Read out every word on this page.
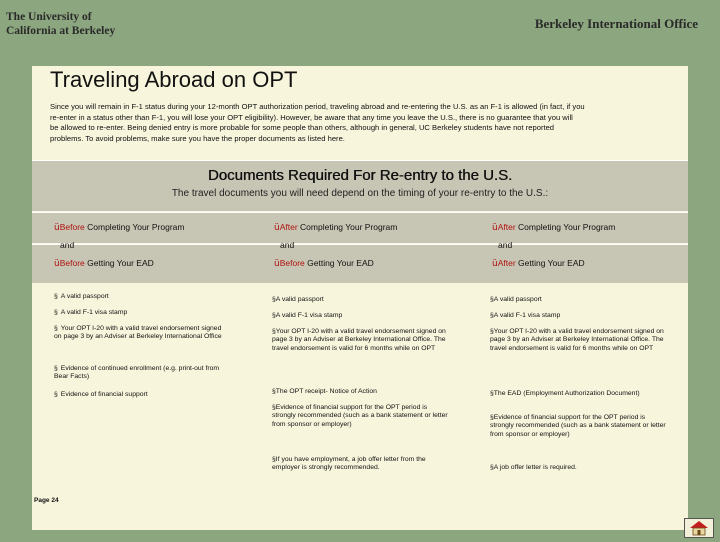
The University of
California at Berkeley	Berkeley International Office
Traveling Abroad on OPT
Since you will remain in F-1 status during your 12-month OPT authorization period, traveling abroad and re-entering the U.S. as an F-1 is allowed (in fact, if you
re-enter in a status other than F-1, you will lose your OPT eligibility). However, be aware that any time you leave the U.S., there is no guarantee that you will
be allowed to re-enter. Being denied entry is more probable for some people than others, although in general, UC Berkeley students have not reported
problems. To avoid problems, make sure you have the proper documents as listed here.
Documents Required For Re-entry to the U.S.
The travel documents you will need depend on the timing of your re-entry to the U.S.:
üBefore Completing Your Program
and
üBefore Getting Your EAD
üAfter Completing Your Program
and
üBefore Getting Your EAD
üAfter Completing Your Program
and
üAfter Getting Your EAD
§ A valid passport
§ A valid F-1 visa stamp
§ Your OPT I-20 with a valid travel endorsement signed on page 3 by an Adviser at Berkeley International Office
§ Evidence of continued enrollment (e.g. print-out from Bear Facts)
§ Evidence of financial support
§A valid passport
§A valid F-1 visa stamp
§Your OPT I-20 with a valid travel endorsement signed on page 3 by an Adviser at Berkeley International Office. The travel endorsement is valid for 6 months while on OPT
§The OPT receipt- Notice of Action
§Evidence of financial support for the OPT period is strongly recommended (such as a bank statement or letter from sponsor or employer)
§If you have employment, a job offer letter from the employer is strongly recommended.
§A valid passport
§A valid F-1 visa stamp
§Your OPT I-20 with a valid travel endorsement signed on page 3 by an Adviser at Berkeley International Office. The travel endorsement is valid for 6 months while on OPT
§The EAD (Employment Authorization Document)
§Evidence of financial support for the OPT period is strongly recommended (such as a bank statement or letter from sponsor or employer)
§A job offer letter is required.
Page 24
